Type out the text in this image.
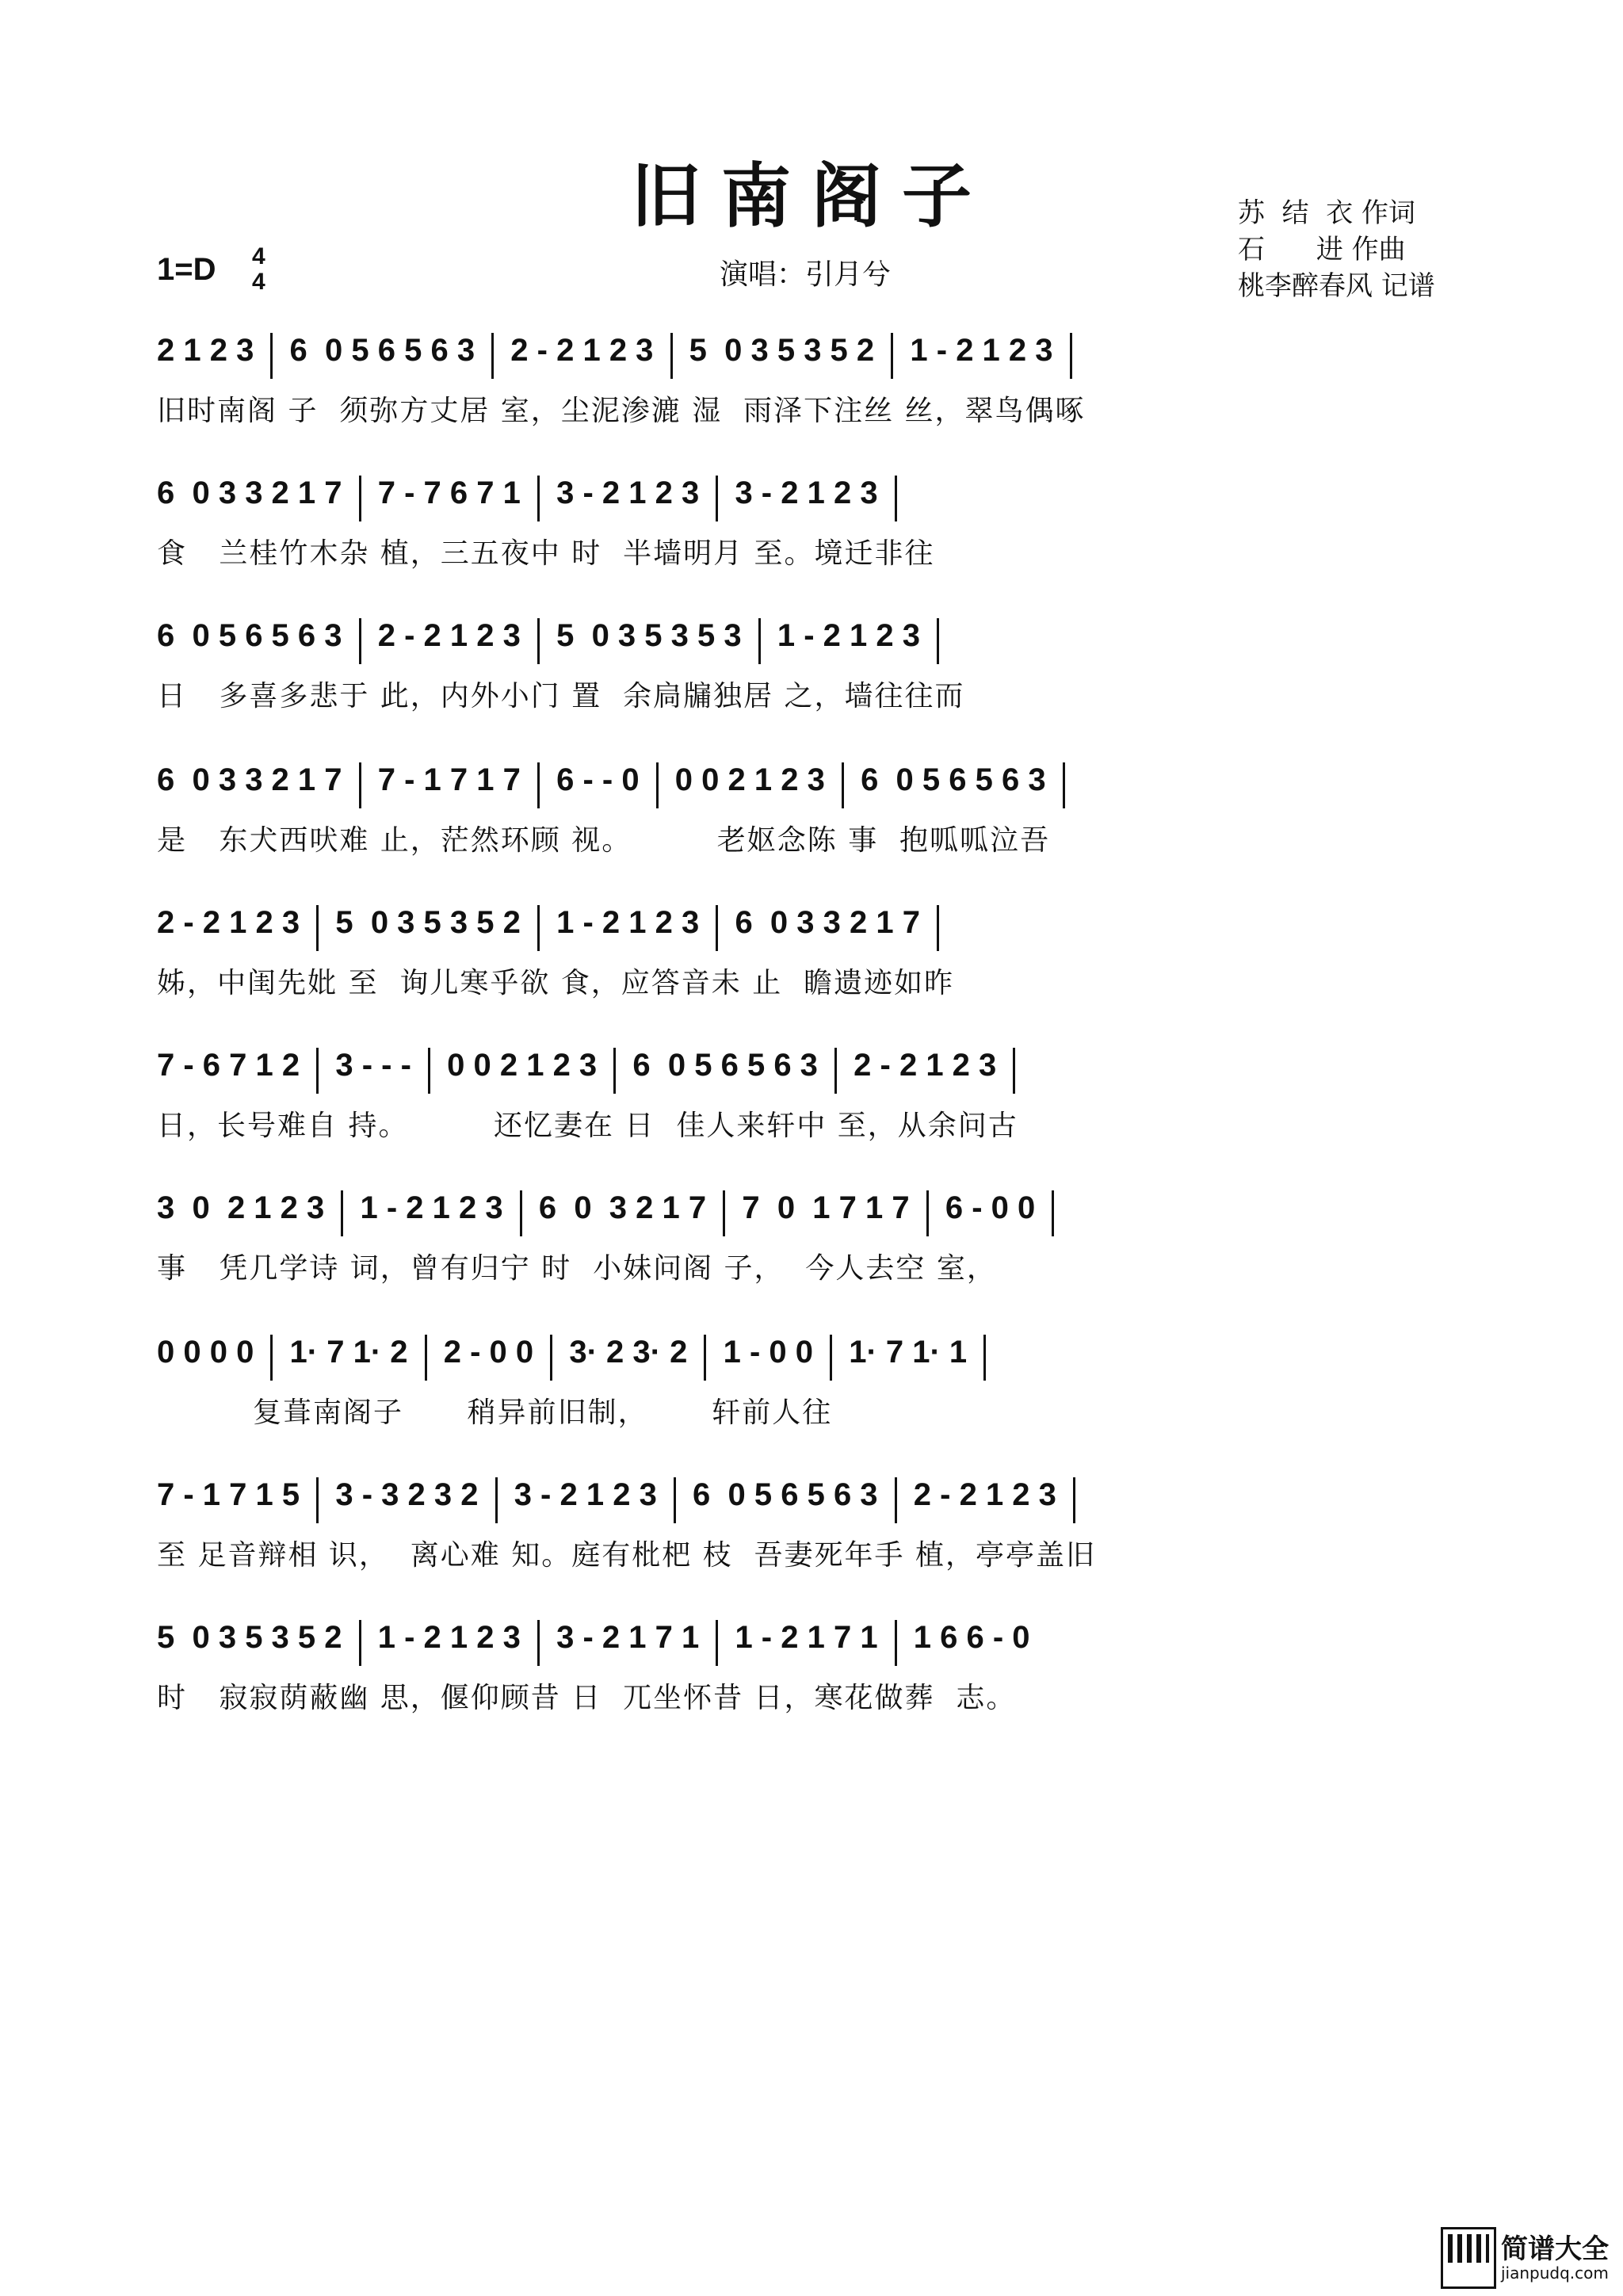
旧南阁子
1=D 4
4	演唱：引月兮
苏  结  衣 作词
石      进 作曲
桃李醉春风 记谱
2 1 2 3 6  0 5 6 5 6 3 2 - 2 1 2 3 5  0 3 5 3 5 2 1 - 2 1 2 3
旧时南阁 子  须弥方丈居 室，尘泥渗漉 湿  雨泽下注丝 丝，翠鸟偶啄
6  0 3 3 2 1 7 7 - 7 6 7 1 3 - 2 1 2 3 3 - 2 1 2 3
食   兰桂竹木杂 植，三五夜中 时  半墙明月 至。境迁非往
6  0 5 6 5 6 3 2 - 2 1 2 3 5  0 3 5 3 5 3 1 - 2 1 2 3
日   多喜多悲于 此，内外小门 置  余扃牖独居 之，墙往往而
6  0 3 3 2 1 7 7 - 1 7 1 7 6 - - 0 0 0 2 1 2 3 6  0 5 6 5 6 3
是   东犬西吠难 止，茫然环顾 视。        老妪念陈 事  抱呱呱泣吾
2 - 2 1 2 3 5  0 3 5 3 5 2 1 - 2 1 2 3 6  0 3 3 2 1 7
姊，中闺先妣 至  询儿寒乎欲 食，应答音未 止  瞻遗迹如昨
7 - 6 7 1 2 3 - - - 0 0 2 1 2 3 6  0 5 6 5 6 3 2 - 2 1 2 3
日，长号难自 持。        还忆妻在 日  佳人来轩中 至，从余问古
3  0  2 1 2 3 1 - 2 1 2 3 6  0  3 2 1 7 7  0  1 7 1 7 6 - 0 0
事   凭几学诗 词，曾有归宁 时  小妹问阁 子，  今人去空 室，
0 0 0 0 1· 7 1· 2 2 - 0 0 3· 2 3· 2 1 - 0 0 1· 7 1· 1
复葺南阁子      稍异前旧制，      轩前人往
7 - 1 7 1 5 3 - 3 2 3 2 3 - 2 1 2 3 6  0 5 6 5 6 3 2 - 2 1 2 3
至 足音辩相 识，  离心难 知。庭有枇杷 枝  吾妻死年手 植，亭亭盖旧
5  0 3 5 3 5 2 1 - 2 1 2 3 3 - 2 1 7 1 1 - 2 1 7 1 1 6 6 - 0
时   寂寂荫蔽幽 思，偃仰顾昔 日  兀坐怀昔 日，寒花做葬  志。
简谱大全
jianpudq.com
